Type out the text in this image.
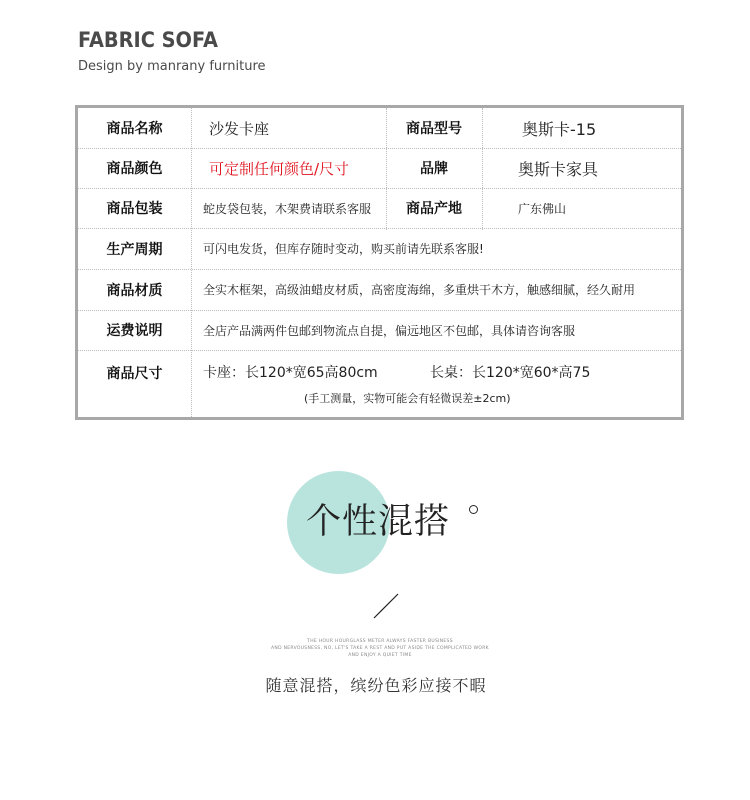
FABRIC SOFA
Design by manrany furniture
商品名称	沙发卡座	商品型号	奥斯卡-15
商品颜色	可定制任何颜色/尺寸	品牌	奥斯卡家具
商品包装	蛇皮袋包装，木架费请联系客服	商品产地	广东佛山
生产周期	可闪电发货，但库存随时变动，购买前请先联系客服!
商品材质	全实木框架，高级油蜡皮材质，高密度海绵，多重烘干木方，触感细腻，经久耐用
运费说明	全店产品满两件包邮到物流点自提，偏远地区不包邮，具体请咨询客服
商品尺寸	卡座：长120*宽65高80cm	长桌：长120*宽60*高75
(手工测量，实物可能会有轻微误差±2cm)
个性混搭
THE HOUR HOURGLASS METER ALWAYS FASTER BUSINESS
AND NERVOUSNESS, NO, LET'S TAKE A REST AND PUT ASIDE THE COMPLICATED WORK
AND ENJOY A QUIET TIME
随意混搭，缤纷色彩应接不暇
